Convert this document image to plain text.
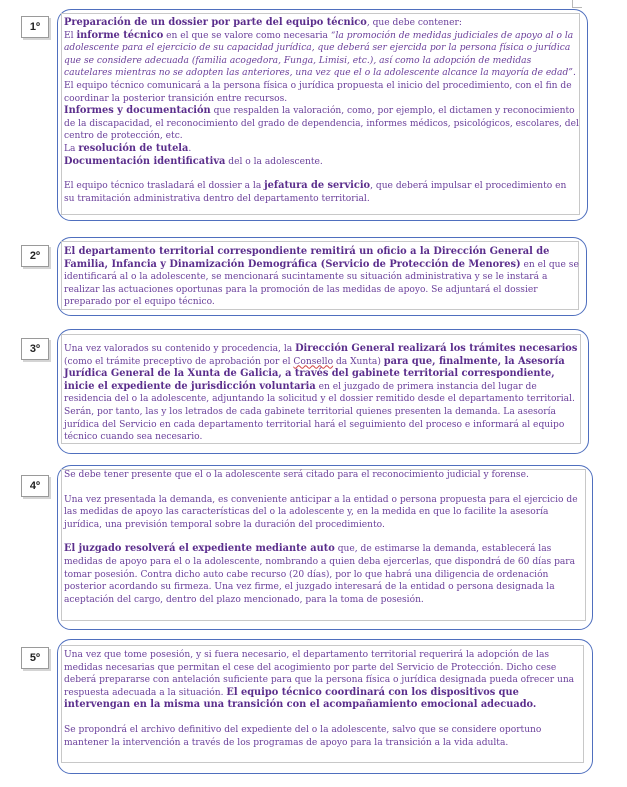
1º	Preparación de un dossier por parte del equipo técnico, que debe contener:

El informe técnico en el que se valore como necesaria “la promoción de medidas judiciales de apoyo al o la adolescente para el ejercicio de su capacidad jurídica, que deberá ser ejercida por la persona física o jurídica que se considere adecuada (familia acogedora, Funga, Limisi, etc.), así como la adopción de medidas cautelares mientras no se adopten las anteriores, una vez que el o la adolescente alcance la mayoría de edad”. El equipo técnico comunicará a la persona física o jurídica propuesta el inicio del procedimiento, con el fin de coordinar la posterior transición entre recursos.

Informes y documentación que respalden la valoración, como, por ejemplo, el dictamen y reconocimiento de la discapacidad, el reconocimiento del grado de dependencia, informes médicos, psicológicos, escolares, del centro de protección, etc.

La resolución de tutela.

Documentación identificativa del o la adolescente.

El equipo técnico trasladará el dossier a la jefatura de servicio, que deberá impulsar el procedimiento en su tramitación administrativa dentro del departamento territorial.

2º	El departamento territorial correspondiente remitirá un oficio a la Dirección General de Familia, Infancia y Dinamización Demográfica (Servicio de Protección de Menores) en el que se identificará al o la adolescente, se mencionará sucintamente su situación administrativa y se le instará a realizar las actuaciones oportunas para la promoción de las medidas de apoyo. Se adjuntará el dossier preparado por el equipo técnico.

3º	Una vez valorados su contenido y procedencia, la Dirección General realizará los trámites necesarios (como el trámite preceptivo de aprobación por el Consello da Xunta) para que, finalmente, la Asesoría Jurídica General de la Xunta de Galicia, a través del gabinete territorial correspondiente, inicie el expediente de jurisdicción voluntaria en el juzgado de primera instancia del lugar de residencia del o la adolescente, adjuntando la solicitud y el dossier remitido desde el departamento territorial. Serán, por tanto, las y los letrados de cada gabinete territorial quienes presenten la demanda. La asesoría jurídica del Servicio en cada departamento territorial hará el seguimiento del proceso e informará al equipo técnico cuando sea necesario.

4º

Se debe tener presente que el o la adolescente será citado para el reconocimiento judicial y forense.

Una vez presentada la demanda, es conveniente anticipar a la entidad o persona propuesta para el ejercicio de las medidas de apoyo las características del o la adolescente y, en la medida en que lo facilite la asesoría jurídica, una previsión temporal sobre la duración del procedimiento.

El juzgado resolverá el expediente mediante auto que, de estimarse la demanda, establecerá las medidas de apoyo para el o la adolescente, nombrando a quien deba ejercerlas, que dispondrá de 60 días para tomar posesión. Contra dicho auto cabe recurso (20 días), por lo que habrá una diligencia de ordenación posterior acordando su firmeza. Una vez firme, el juzgado interesará de la entidad o persona designada la aceptación del cargo, dentro del plazo mencionado, para la toma de posesión.

5º	Una vez que tome posesión, y si fuera necesario, el departamento territorial requerirá la adopción de las medidas necesarias que permitan el cese del acogimiento por parte del Servicio de Protección. Dicho cese deberá prepararse con antelación suficiente para que la persona física o jurídica designada pueda ofrecer una respuesta adecuada a la situación. El equipo técnico coordinará con los dispositivos que intervengan en la misma una transición con el acompañamiento emocional adecuado.

Se propondrá el archivo definitivo del expediente del o la adolescente, salvo que se considere oportuno mantener la intervención a través de los programas de apoyo para la transición a la vida adulta.
